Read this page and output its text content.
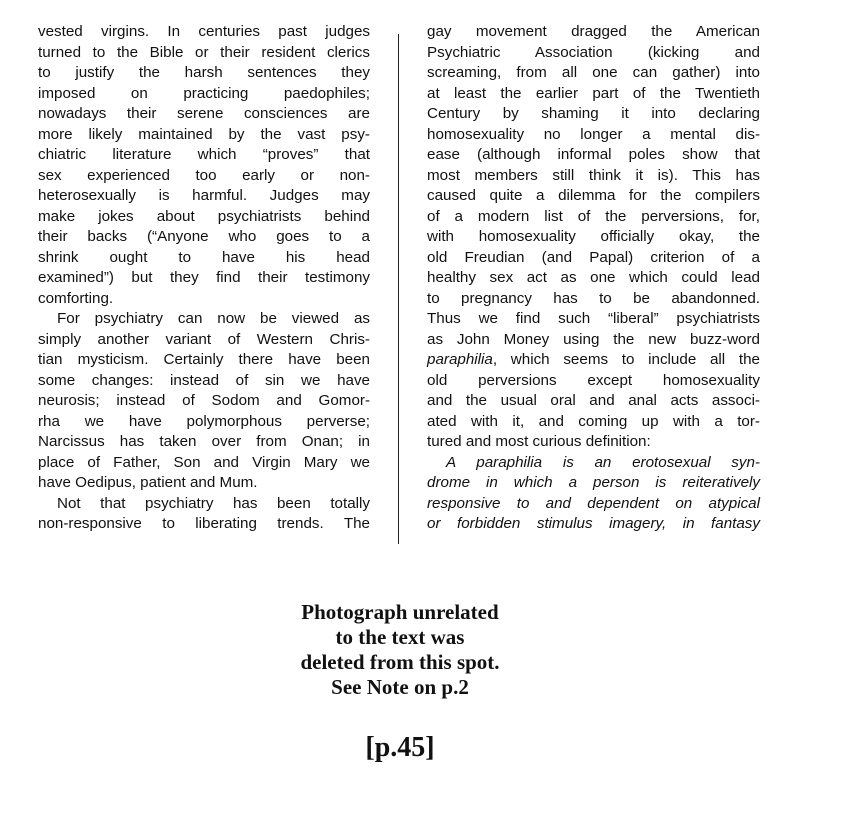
vested virgins. In centuries past judges
turned to the Bible or their resident clerics
to justify the harsh sentences they
imposed on practicing paedophiles;
nowadays their serene consciences are
more likely maintained by the vast psy-
chiatric literature which “proves” that
sex experienced too early or non-
heterosexually is harmful. Judges may
make jokes about psychiatrists behind
their backs (“Anyone who goes to a
shrink ought to have his head
examined”) but they find their testimony
comforting.
For psychiatry can now be viewed as
simply another variant of Western Chris-
tian mysticism. Certainly there have been
some changes: instead of sin we have
neurosis; instead of Sodom and Gomor-
rha we have polymorphous perverse;
Narcissus has taken over from Onan; in
place of Father, Son and Virgin Mary we
have Oedipus, patient and Mum.
Not that psychiatry has been totally
non-responsive to liberating trends. The
gay movement dragged the American
Psychiatric Association (kicking and
screaming, from all one can gather) into
at least the earlier part of the Twentieth
Century by shaming it into declaring
homosexuality no longer a mental dis-
ease (although informal poles show that
most members still think it is). This has
caused quite a dilemma for the compilers
of a modern list of the perversions, for,
with homosexuality officially okay, the
old Freudian (and Papal) criterion of a
healthy sex act as one which could lead
to pregnancy has to be abandonned.
Thus we find such “liberal” psychiatrists
as John Money using the new buzz-word
paraphilia, which seems to include all the
old perversions except homosexuality
and the usual oral and anal acts associ-
ated with it, and coming up with a tor-
tured and most curious definition:
A paraphilia is an erotosexual syn-
drome in which a person is reiteratively
responsive to and dependent on atypical
or forbidden stimulus imagery, in fantasy
Photograph unrelated
to the text was
deleted from this spot.
See Note on p.2
[p.45]
